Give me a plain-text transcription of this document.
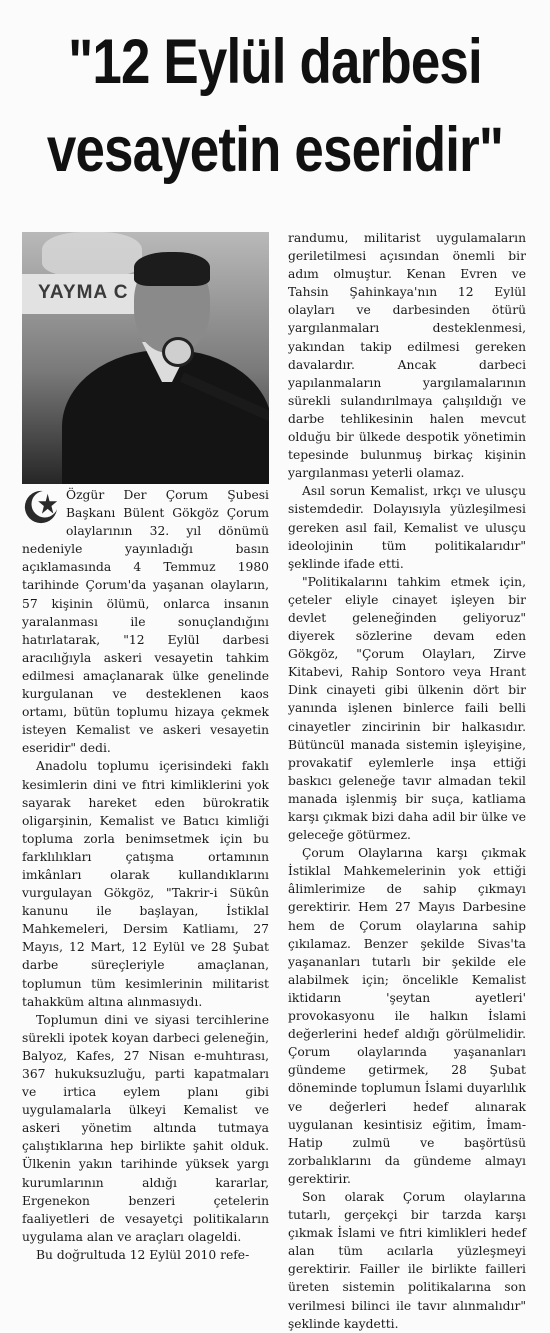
"12 Eylül darbesi
vesayetin eseridir"
YAYMA C

Özgür Der Çorum Şubesi Başkanı Bülent Gökgöz Çorum olaylarının 32. yıl dönümü nedeniyle yayınladığı basın açıklamasında 4 Temmuz 1980 tarihinde Çorum'da yaşanan olayların, 57 kişinin ölümü, onlarca insanın yaralanması ile sonuçlandığını hatırlatarak, "12 Eylül darbesi aracılığıyla askeri vesayetin tahkim edilmesi amaçlanarak ülke genelinde kurgulanan ve desteklenen kaos ortamı, bütün toplumu hizaya çekmek isteyen Kemalist ve askeri vesayetin eseridir" dedi.

Anadolu toplumu içerisindeki faklı kesimlerin dini ve fıtri kimliklerini yok sayarak hareket eden bürokratik oligarşinin, Kemalist ve Batıcı kimliği topluma zorla benimsetmek için bu farklılıkları çatışma ortamının imkânları olarak kullandıklarını vurgulayan Gökgöz, "Takrir-i Sükûn kanunu ile başlayan, İstiklal Mahkemeleri, Dersim Katliamı, 27 Mayıs, 12 Mart, 12 Eylül ve 28 Şubat darbe süreçleriyle amaçlanan, toplumun tüm kesimlerinin militarist tahakküm altına alınmasıydı.

Toplumun dini ve siyasi tercihlerine sürekli ipotek koyan darbeci geleneğin, Balyoz, Kafes, 27 Nisan e-muhtırası, 367 hukuksuzluğu, parti kapatmaları ve irtica eylem planı gibi uygulamalarla ülkeyi Kemalist ve askeri yönetim altında tutmaya çalıştıklarına hep birlikte şahit olduk. Ülkenin yakın tarihinde yüksek yargı kurumlarının aldığı kararlar, Ergenekon benzeri çetelerin faaliyetleri de vesayetçi politikaların uygulama alan ve araçları olageldi.

Bu doğrultuda 12 Eylül 2010 refe-

randumu, militarist uygulamaların geriletilmesi açısından önemli bir adım olmuştur. Kenan Evren ve Tahsin Şahinkaya'nın 12 Eylül olayları ve darbesinden ötürü yargılanmaları desteklenmesi, yakından takip edilmesi gereken davalardır. Ancak darbeci yapılanmaların yargılamalarının sürekli sulandırılmaya çalışıldığı ve darbe tehlikesinin halen mevcut olduğu bir ülkede despotik yönetimin tepesinde bulunmuş birkaç kişinin yargılanması yeterli olamaz.

Asıl sorun Kemalist, ırkçı ve ulusçu sistemdedir. Dolayısıyla yüzleşilmesi gereken asıl fail, Kemalist ve ulusçu ideolojinin tüm politikalarıdır" şeklinde ifade etti.

"Politikalarını tahkim etmek için, çeteler eliyle cinayet işleyen bir devlet geleneğinden geliyoruz" diyerek sözlerine devam eden Gökgöz, "Çorum Olayları, Zirve Kitabevi, Rahip Sontoro veya Hrant Dink cinayeti gibi ülkenin dört bir yanında işlenen binlerce faili belli cinayetler zincirinin bir halkasıdır. Bütüncül manada sistemin işleyişine, provakatif eylemlerle inşa ettiği baskıcı geleneğe tavır almadan tekil manada işlenmiş bir suça, katliama karşı çıkmak bizi daha adil bir ülke ve geleceğe götürmez.

Çorum Olaylarına karşı çıkmak İstiklal Mahkemelerinin yok ettiği âlimlerimize de sahip çıkmayı gerektirir. Hem 27 Mayıs Darbesine hem de Çorum olaylarına sahip çıkılamaz. Benzer şekilde Sivas'ta yaşananları tutarlı bir şekilde ele alabilmek için; öncelikle Kemalist iktidarın 'şeytan ayetleri' provokasyonu ile halkın İslami değerlerini hedef aldığı görülmelidir. Çorum olaylarında yaşananları gündeme getirmek, 28 Şubat döneminde toplumun İslami duyarlılık ve değerleri hedef alınarak uygulanan kesintisiz eğitim, İmam-Hatip zulmü ve başörtüsü zorbalıklarını da gündeme almayı gerektirir.

Son olarak Çorum olaylarına tutarlı, gerçekçi bir tarzda karşı çıkmak İslami ve fıtri kimlikleri hedef alan tüm acılarla yüzleşmeyi gerektirir. Failler ile birlikte failleri üreten sistemin politikalarına son verilmesi bilinci ile tavır alınmalıdır" şeklinde kaydetti.
